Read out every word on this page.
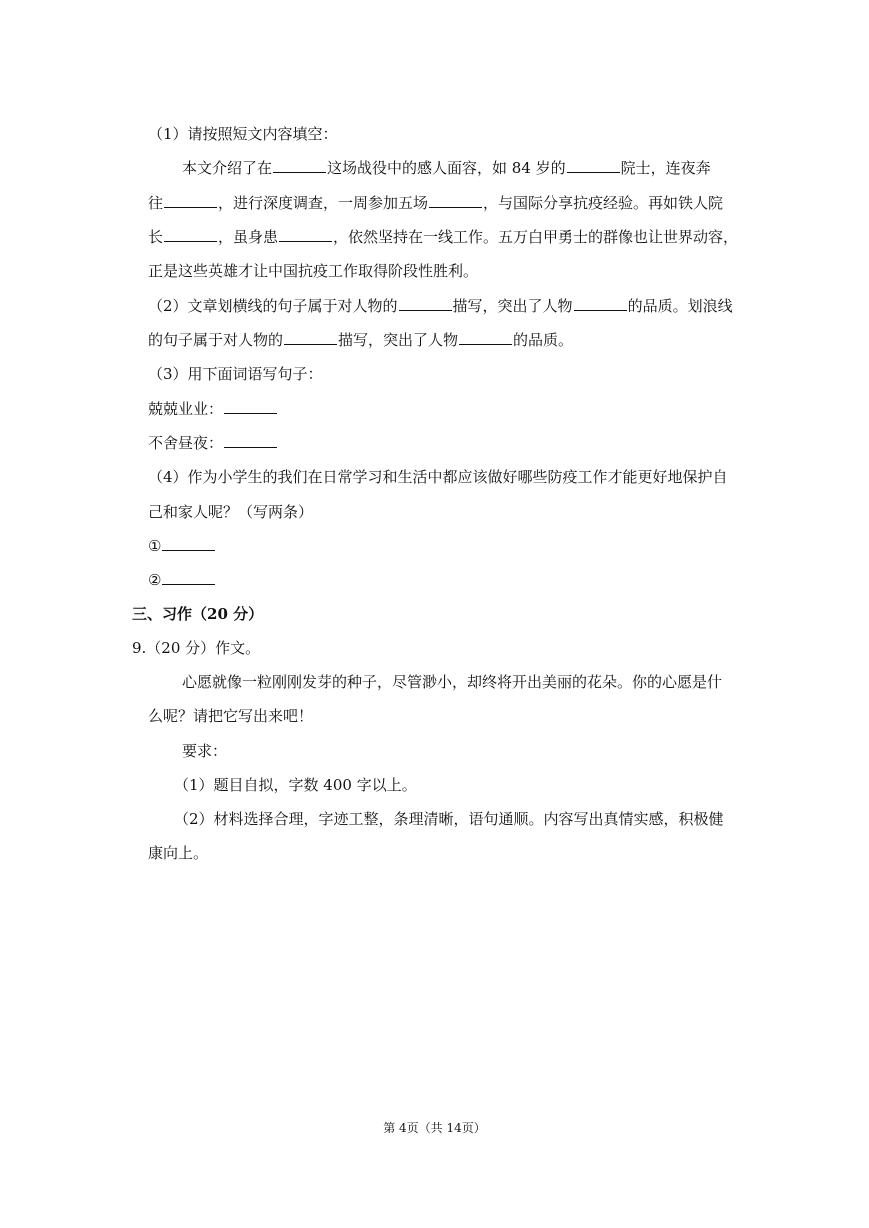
（1）请按照短文内容填空：
本文介绍了在	这场战役中的感人面容，如 84 岁的	院士，连夜奔
往	，进行深度调查，一周参加五场	，与国际分享抗疫经验。再如铁人院
长	，虽身患	，依然坚持在一线工作。五万白甲勇士的群像也让世界动容，
正是这些英雄才让中国抗疫工作取得阶段性胜利。
（2）文章划横线的句子属于对人物的	描写，突出了人物	的品质。划浪线
的句子属于对人物的	描写，突出了人物	的品质。
（3）用下面词语写句子：
兢兢业业：
不舍昼夜：
（4）作为小学生的我们在日常学习和生活中都应该做好哪些防疫工作才能更好地保护自
己和家人呢？（写两条）
①
②
三、习作（20 分）
9.（20 分）作文。
心愿就像一粒刚刚发芽的种子，尽管渺小，却终将开出美丽的花朵。你的心愿是什
么呢？请把它写出来吧！
要求：
（1）题目自拟，字数 400 字以上。
（2）材料选择合理，字迹工整，条理清晰，语句通顺。内容写出真情实感，积极健
康向上。
第 4页（共 14页）
